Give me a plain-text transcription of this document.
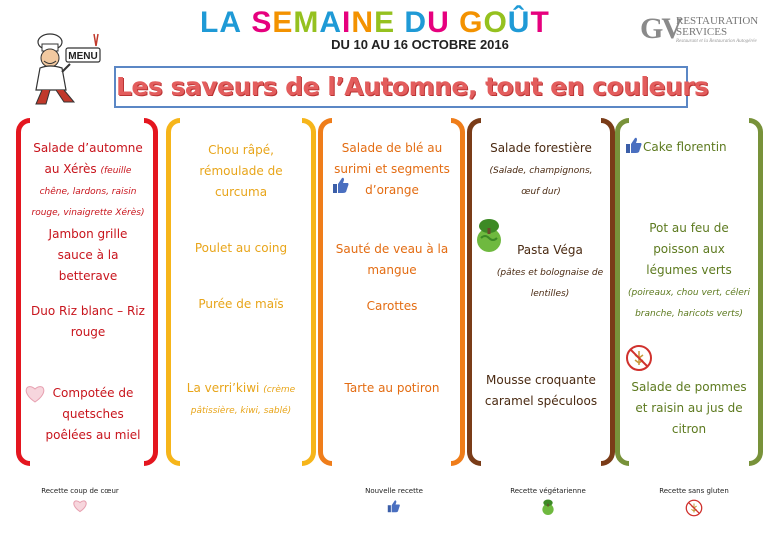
MENU
LA SEMAINE DU GOÛT
DU 10 AU 16 OCTOBRE 2016	GV
RESTAURATION
SERVICES
Restaurant et la Restauration Autogérée
Les saveurs de l’Automne, tout en couleurs
Salade d’automne au Xérès (feuille chêne, lardons, raisin rouge, vinaigrette Xérès)
Jambon grille sauce à la betterave
Duo Riz blanc – Riz rouge
Compotée de quetsches poêlées au miel
Chou râpé, rémoulade de curcuma
Poulet au coing
Purée de maïs
La verri’kiwi (crème pâtissière, kiwi, sablé)
Salade de blé au surimi et segments d’orange
Sauté de veau à la mangue
Carottes
Tarte au potiron
Salade forestière
(Salade, champignons, œuf dur)
Pasta Véga
(pâtes et bolognaise de lentilles)
Mousse croquante caramel spéculoos
Cake florentin
Pot au feu de poisson aux légumes verts (poireaux, chou vert, céleri branche, haricots verts)
Salade de pommes et raisin au jus de citron
Recette coup de cœur	Nouvelle recette	Recette végétarienne	Recette sans gluten
